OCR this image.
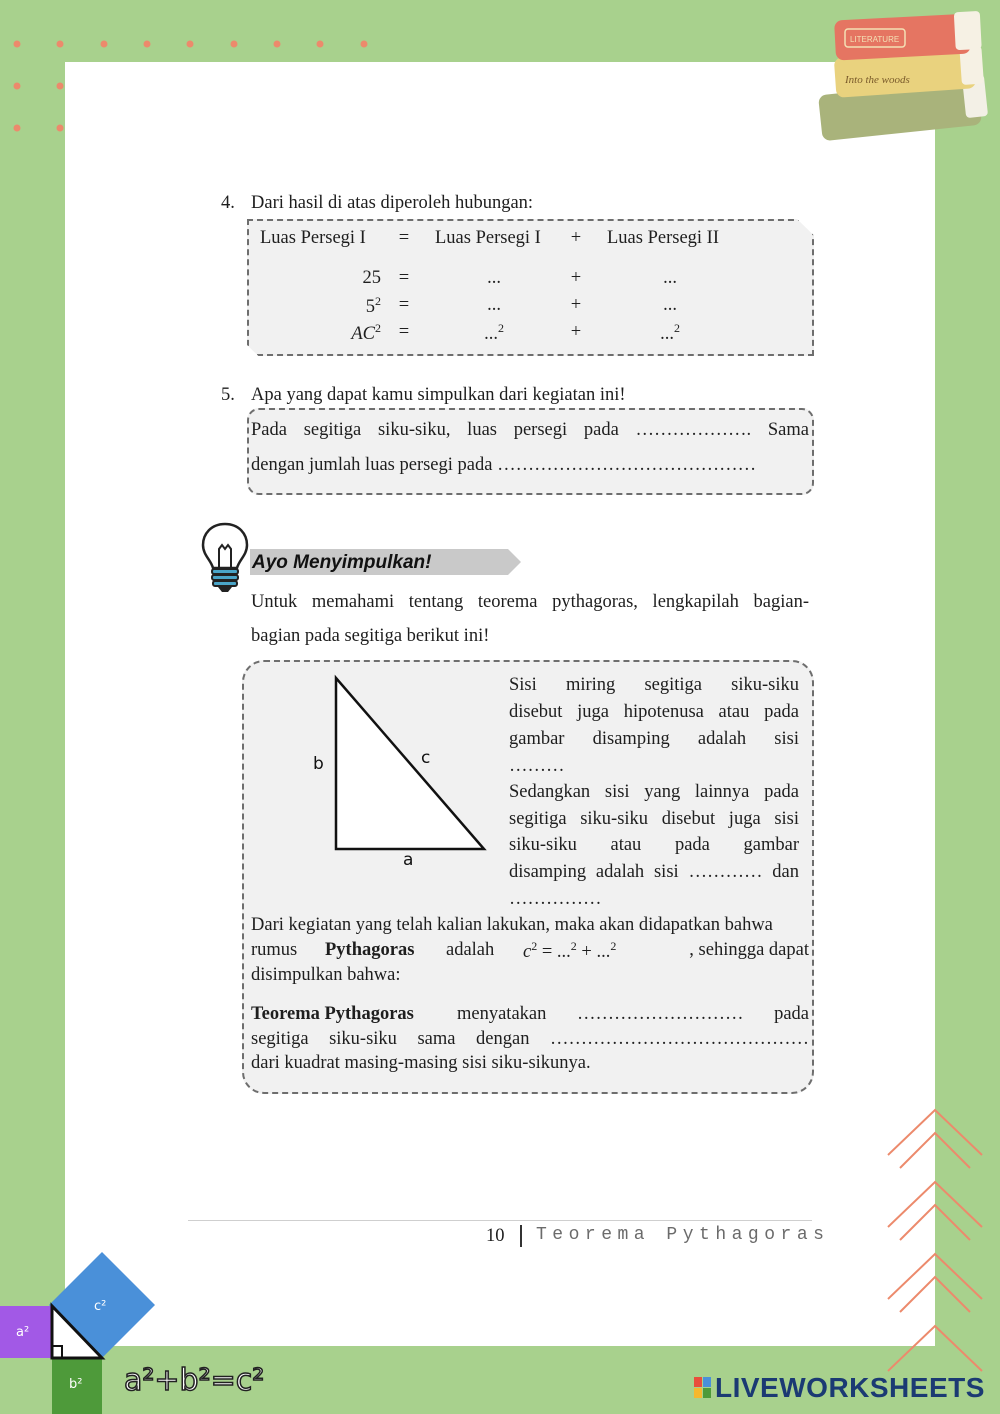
Into the woods
LITERATURE
4. Dari hasil di atas diperoleh hubungan:
Luas Persegi I = Luas Persegi I + Luas Persegi II
25 =	...	+	...
$5^2$ =	...	+	...
$AC^2$ =	...$^2$	+	...$^2$
5. Apa yang dapat kamu simpulkan dari kegiatan ini!
Pada segitiga siku-siku, luas persegi pada ………………. Sama
dengan jumlah luas persegi pada ……………………………………
Ayo Menyimpulkan!
Untuk memahami tentang teorema pythagoras, lengkapilah bagian-
bagian pada segitiga berikut ini!
b	c
a
Sisi miring segitiga siku-siku
disebut juga hipotenusa atau pada
gambar disamping adalah sisi
………
Sedangkan sisi yang lainnya pada
segitiga siku-siku disebut juga sisi
siku-siku atau pada gambar
disamping adalah sisi ………… dan
……………
Dari kegiatan yang telah kalian lakukan, maka akan didapatkan bahwa
rumus Pythagoras adalah $c^2 = ...^2 + ...^2$	, sehingga dapat
disimpulkan bahwa:
Teorema Pythagoras menyatakan ……………………… pada
segitiga siku-siku sama dengan ……………………………………
dari kuadrat masing-masing sisi siku-sikunya.
10 Teorema Pythagoras
c²
a²
b² a²+b²=c²	LIVEWORKSHEETS
